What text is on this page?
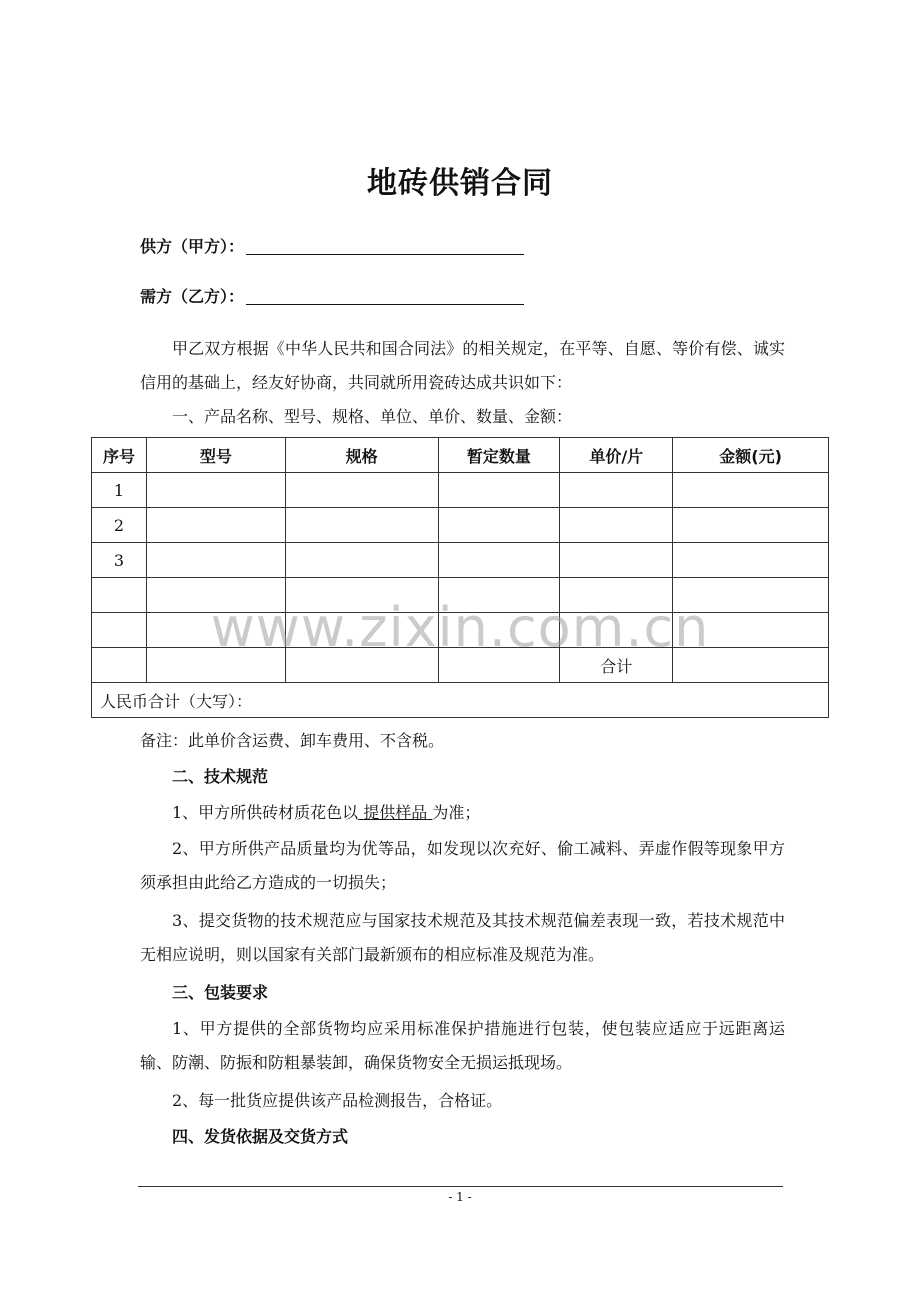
地砖供销合同
供方（甲方）：
需方（乙方）：
甲乙双方根据《中华人民共和国合同法》的相关规定，在平等、自愿、等价有偿、诚实信用的基础上，经友好协商，共同就所用瓷砖达成共识如下：
一、产品名称、型号、规格、单位、单价、数量、金额：
序号	型号	规格	暂定数量	单价/片	金额(元)
1					
2					
3					

				合计	
人民币合计（大写）：					
www.zixin.com.cn
备注：此单价含运费、卸车费用、不含税。
二、技术规范
1、甲方所供砖材质花色以 提供样品 为准；
2、甲方所供产品质量均为优等品，如发现以次充好、偷工减料、弄虚作假等现象甲方须承担由此给乙方造成的一切损失；
3、提交货物的技术规范应与国家技术规范及其技术规范偏差表现一致，若技术规范中无相应说明，则以国家有关部门最新颁布的相应标准及规范为准。
三、包装要求
1、甲方提供的全部货物均应采用标准保护措施进行包装，使包装应适应于远距离运输、防潮、防振和防粗暴装卸，确保货物安全无损运抵现场。
2、每一批货应提供该产品检测报告，合格证。
四、发货依据及交货方式
- 1 -
